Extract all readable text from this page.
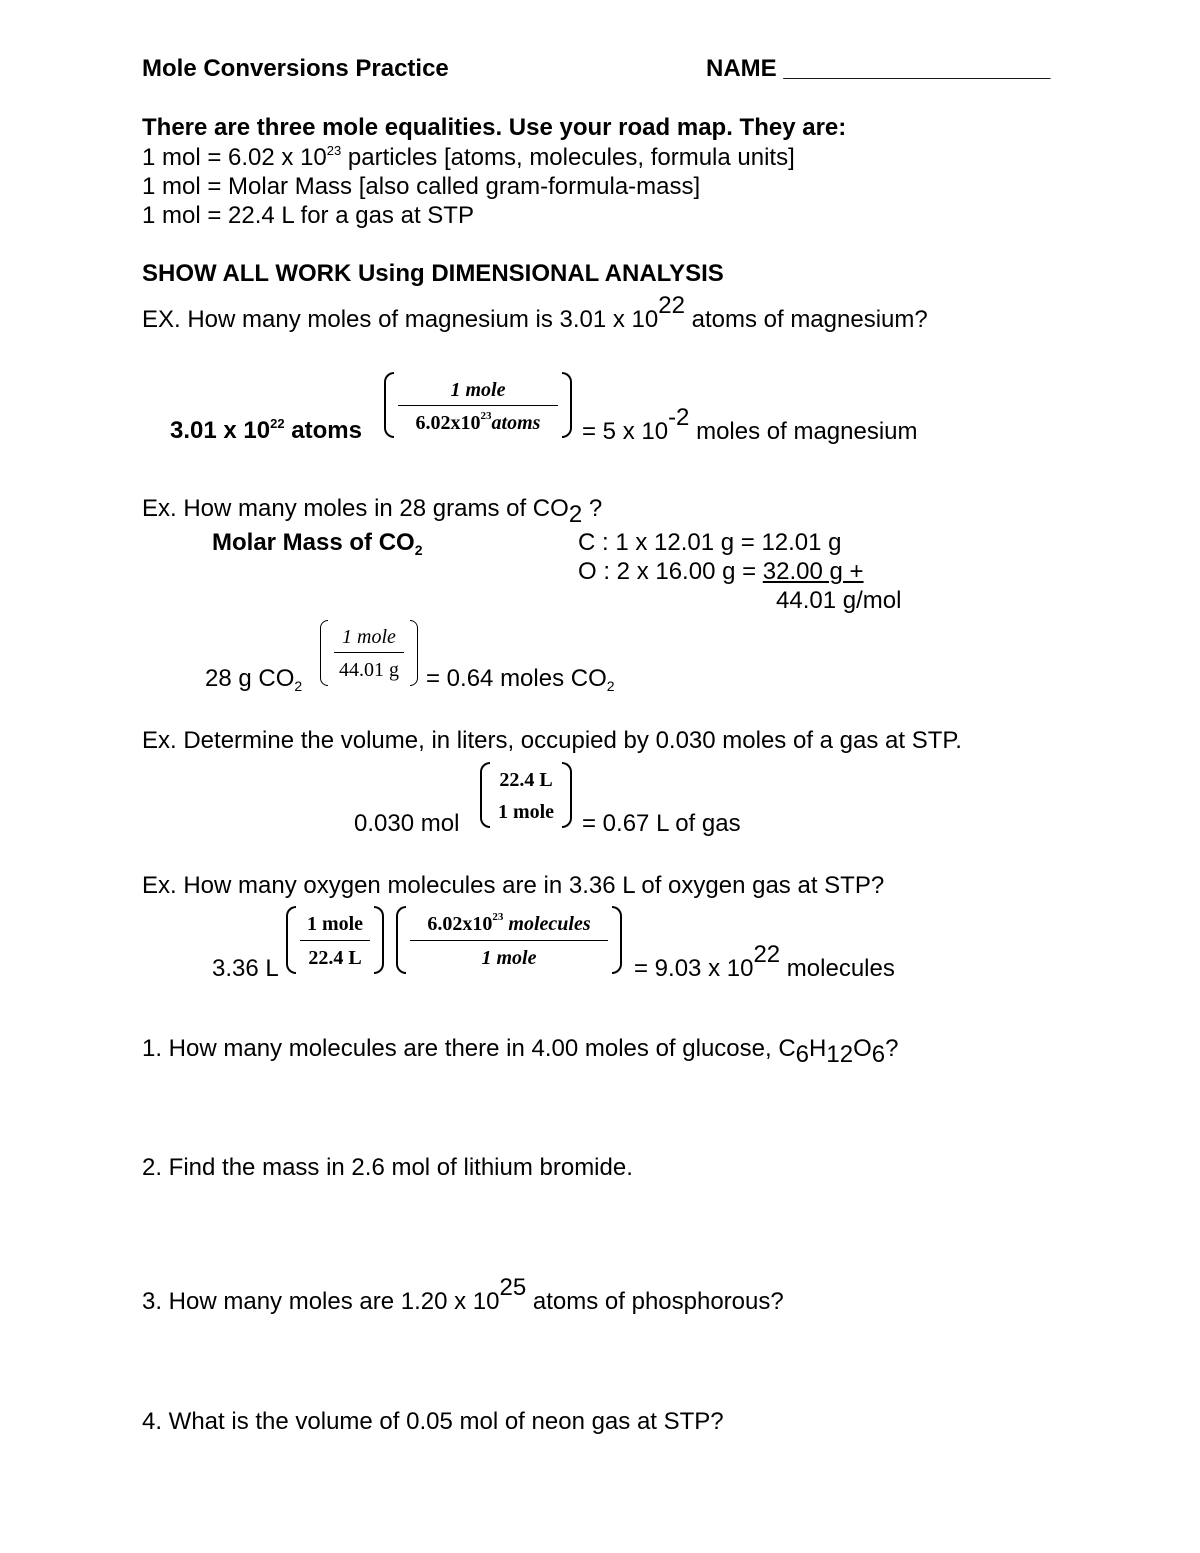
Mole Conversions Practice	NAME ____________________
There are three mole equalities. Use your road map. They are:
1 mol = 6.02 x $10^{23}$ particles [atoms, molecules, formula units]
1 mol = Molar Mass [also called gram-formula-mass]
1 mol = 22.4 L for a gas at STP
SHOW ALL WORK Using DIMENSIONAL ANALYSIS
EX. How many moles of magnesium is 3.01 x $10^{22}$ atoms of magnesium?
3.01 x $10^{22}$ atoms
1 mole
$6.02x10^{23}atoms$	= 5 x $10^{-2}$ moles of magnesium
Ex. How many moles in 28 grams of $CO_2$ ?
Molar Mass of $CO_2$	C : 1 x 12.01 g = 12.01 g
O : 2 x 16.00 g = 32.00 g +
44.01 g/mol
28 g $CO_2$
1 mole
44.01 g	= 0.64 moles $CO_2$
Ex. Determine the volume, in liters, occupied by 0.030 moles of a gas at STP.
0.030 mol
22.4 L
1 mole	= 0.67 L of gas
Ex. How many oxygen molecules are in 3.36 L of oxygen gas at STP?
3.36 L
1 mole
22.4 L
$6.02x10^{23}$ molecules
1 mole	= 9.03 x $10^{22}$ molecules
1. How many molecules are there in 4.00 moles of glucose, $C_6H_{12}O_6$?
2. Find the mass in 2.6 mol of lithium bromide.
3. How many moles are 1.20 x $10^{25}$ atoms of phosphorous?
4. What is the volume of 0.05 mol of neon gas at STP?
